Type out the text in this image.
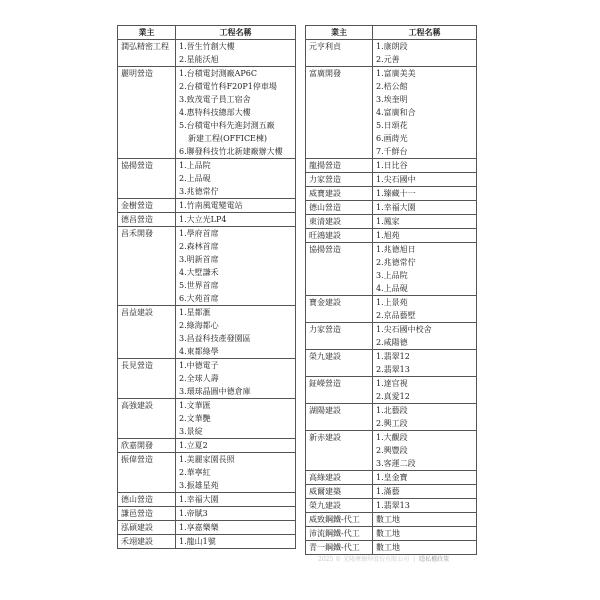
業主	工程名稱
潤弘精密工程	1.晉生竹創大樓
2.星能沃旭

麗明營造	1.台積電封測廠AP6C
2.台積電竹科F20P1停車場
3.致茂電子員工宿舍
4.惠特科技總部大樓
5.台積電中科先進封測五廠
新建工程(OFFICE棟)
6.聯發科技竹北新建廠辦大樓

協揚營造	1.上品院
2.上品硯
3.兆德常佇

金樹營造	1.竹南風電變電站

德昌營造	1.大立光LP4

昌禾開發	1.學府首席
2.森林首席
3.明新首席
4.大墅謙禾
5.世界首席
6.大苑首席

昌益建設	1.星都滙
2.綠海都心
3.昌益科技產發園區
4.東都綠學

長見營造	1.中德電子
2.全球人壽
3.環球晶圓中德倉庫

高強建設	1.文華匯
2.文華艷
3.景綻

欣嘉開發	1.立夏2

振偉營造	1.美麗家園長照
2.華寧紅
3.振雄星苑

德山營造	1.幸福大園

謙邑營造	1.帝賦3

泓碩建設	1.享嘉樂樂

禾翊建設	1.龍山1號
業主	工程名稱
元亨利貞	1.康朗段
2.元善

富廣開發	1.富廣美美
2.桔公館
3.埃奎明
4.富廣和合
5.日頌花
6.画蒔光
7.千鮮台

龍揚營造	1.日比谷

力家營造	1.尖石國中

威寶建設	1.臻藏十一

德山營造	1.幸福大園

東清建設	1.鳳家

旺鴻建設	1.旭苑

協揚營造	1.兆德旭日
2.兆德常佇
3.上品院
4.上品硯

寶金建設	1.上景苑
2.京品藝墅

力家營造	1.尖石國中校舍
2.咸陽德

榮九建設	1.翡翠12
2.翡翠13

鉦嶸營造	1.達官視
2.真愛12

湖陽建設	1.北藝段
2.興工段

新赤建設	1.大觀段
2.興豐段
3.客運二段

高綠建設	1.皇金寶

威爾建築	1.滿藝

榮九建設	1.翡翠13

威致鋼鐵-代工	數工地

沛流鋼鐵-代工	數工地

青一鋼鐵-代工	數工地
2025 © 光隆摩擦焊股份有限公司 | 隱私權政策
